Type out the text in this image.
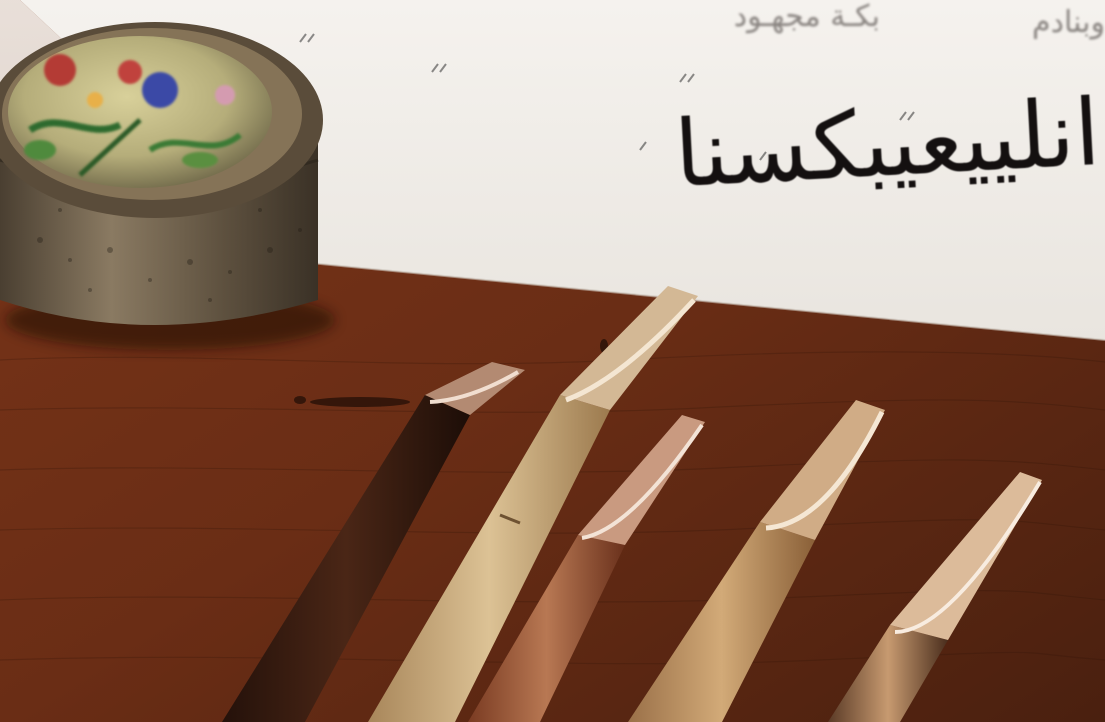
بكـة مجهـود	وبنادم
انلييعيبكسنا
